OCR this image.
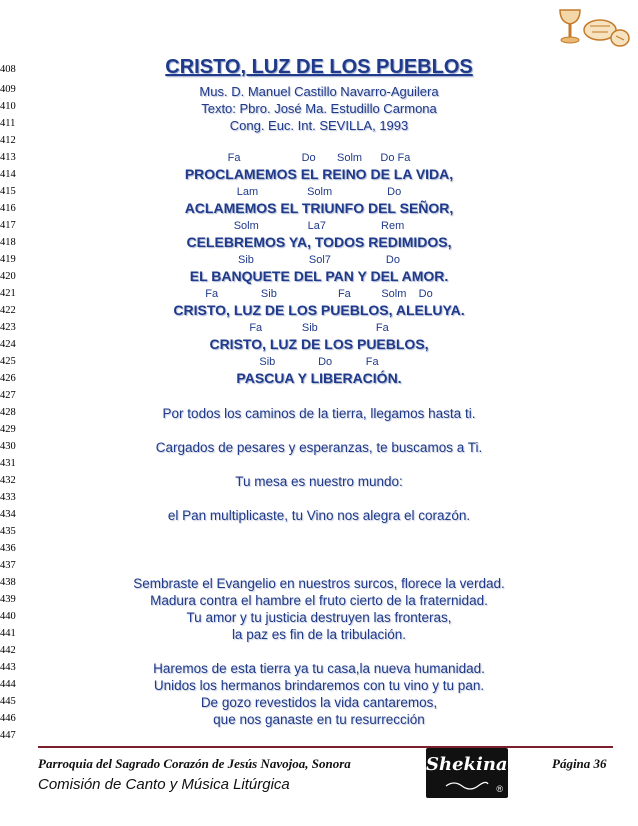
408
409
410
411
412
413
414
415
416
417
418
419
420
421
422
423
424
425
426
427
428
429
430
431
432
433
434
435
436
437
438
439
440
441
442
443
444
445
446
447
CRISTO, LUZ DE LOS PUEBLOS
Mus. D. Manuel Castillo Navarro-Aguilera
Texto: Pbro. José Ma. Estudillo Carmona
Cong. Euc. Int. SEVILLA, 1993
Fa                    Do       Solm      Do Fa
PROCLAMEMOS EL REINO DE LA VIDA,
Lam                Solm                  Do
ACLAMEMOS EL TRIUNFO DEL SEÑOR,
Solm                La7                  Rem
CELEBREMOS YA, TODOS REDIMIDOS,
Sib                  Sol7                  Do
EL BANQUETE DEL PAN Y DEL AMOR.
Fa              Sib                    Fa          Solm    Do
CRISTO, LUZ DE LOS PUEBLOS, ALELUYA.
Fa             Sib                   Fa
CRISTO, LUZ DE LOS PUEBLOS,
Sib              Do           Fa
PASCUA Y LIBERACIÓN.
Por todos los caminos de la tierra, llegamos hasta ti.
Cargados de pesares y esperanzas, te buscamos a Ti.
Tu mesa es nuestro mundo:
el Pan multiplicaste, tu Vino nos alegra el corazón.
Sembraste el Evangelio en nuestros surcos, florece la verdad.
Madura contra el hambre el fruto cierto de la fraternidad.
Tu amor y tu justicia destruyen las fronteras,
la paz es fin de la tribulación.
Haremos de esta tierra ya tu casa,la nueva humanidad.
Unidos los hermanos brindaremos con tu vino y tu pan.
De gozo revestidos la vida cantaremos,
que nos ganaste en tu resurrección
Parroquia del Sagrado Corazón de Jesús Navojoa, Sonora
Comisión de Canto y Música Litúrgica
Shekinah
®
Página 36
